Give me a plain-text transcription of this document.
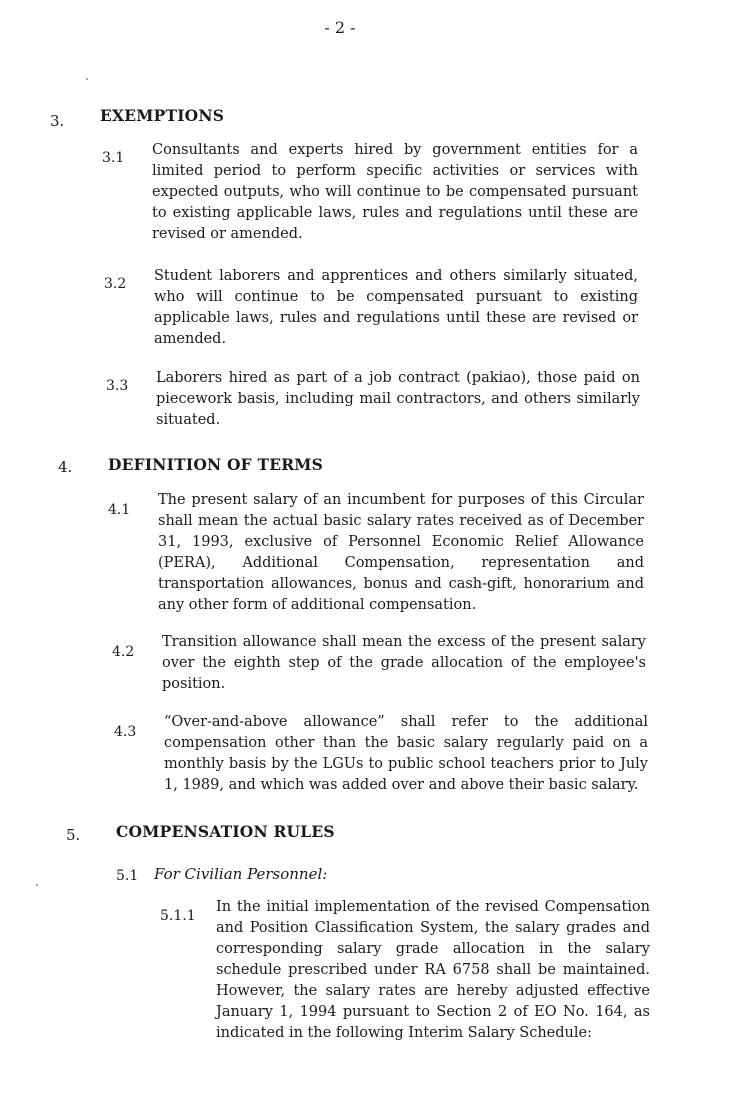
- 2 -
3. EXEMPTIONS
3.1 Consultants and experts hired by government entities for a limited period to perform specific activities or services with expected outputs, who will continue to be compensated pursuant to existing applicable laws, rules and regulations until these are revised or amended.
3.2 Student laborers and apprentices and others similarly situated, who will continue to be compensated pursuant to existing applicable laws, rules and regulations until these are revised or amended.
3.3 Laborers hired as part of a job contract (pakiao), those paid on piecework basis, including mail contractors, and others similarly situated.
4. DEFINITION OF TERMS
4.1
The present salary of an incumbent for purposes of this Circular shall mean the actual basic salary rates received as of December 31, 1993, exclusive of Personnel Economic Relief Allowance (PERA), Additional Compensation, representation and transportation allowances, bonus and cash-gift, honorarium and any other form of additional compensation.
4.2
Transition allowance shall mean the excess of the present salary over the eighth step of the grade allocation of the employee's position.
4.3
“Over-and-above allowance” shall refer to the additional compensation other than the basic salary regularly paid on a monthly basis by the LGUs to public school teachers prior to July 1, 1989, and which was added over and above their basic salary.
5. COMPENSATION RULES
5.1 For Civilian Personnel:
5.1.1
In the initial implementation of the revised Compensation and Position Classification System, the salary grades and corresponding salary grade allocation in the salary schedule prescribed under RA 6758 shall be maintained. However, the salary rates are hereby adjusted effective January 1, 1994 pursuant to Section 2 of EO No. 164, as indicated in the following Interim Salary Schedule:
